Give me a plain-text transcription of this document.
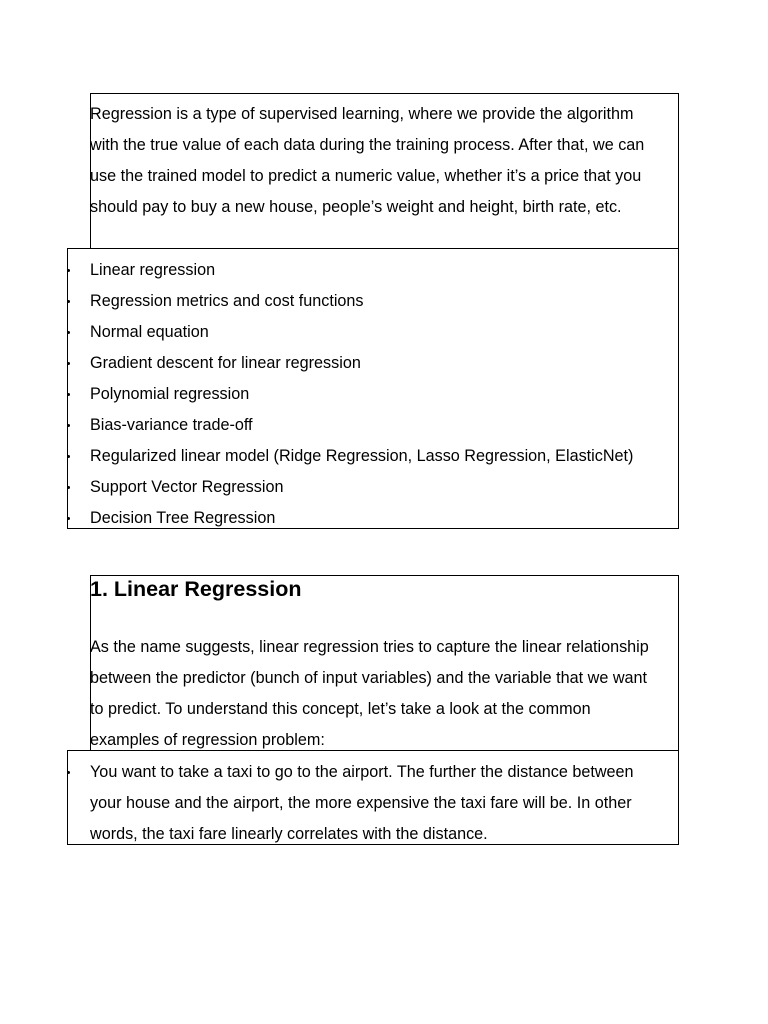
Regression is a type of supervised learning, where we provide the algorithm
with the true value of each data during the training process. After that, we can
use the trained model to predict a numeric value, whether it’s a price that you
should pay to buy a new house, people’s weight and height, birth rate, etc.
Linear regression
Regression metrics and cost functions
Normal equation
Gradient descent for linear regression
Polynomial regression
Bias-variance trade-off
Regularized linear model (Ridge Regression, Lasso Regression, ElasticNet)
Support Vector Regression
Decision Tree Regression
1. Linear Regression
As the name suggests, linear regression tries to capture the linear relationship
between the predictor (bunch of input variables) and the variable that we want
to predict. To understand this concept, let’s take a look at the common
examples of regression problem:
You want to take a taxi to go to the airport. The further the distance between
your house and the airport, the more expensive the taxi fare will be. In other
words, the taxi fare linearly correlates with the distance.
